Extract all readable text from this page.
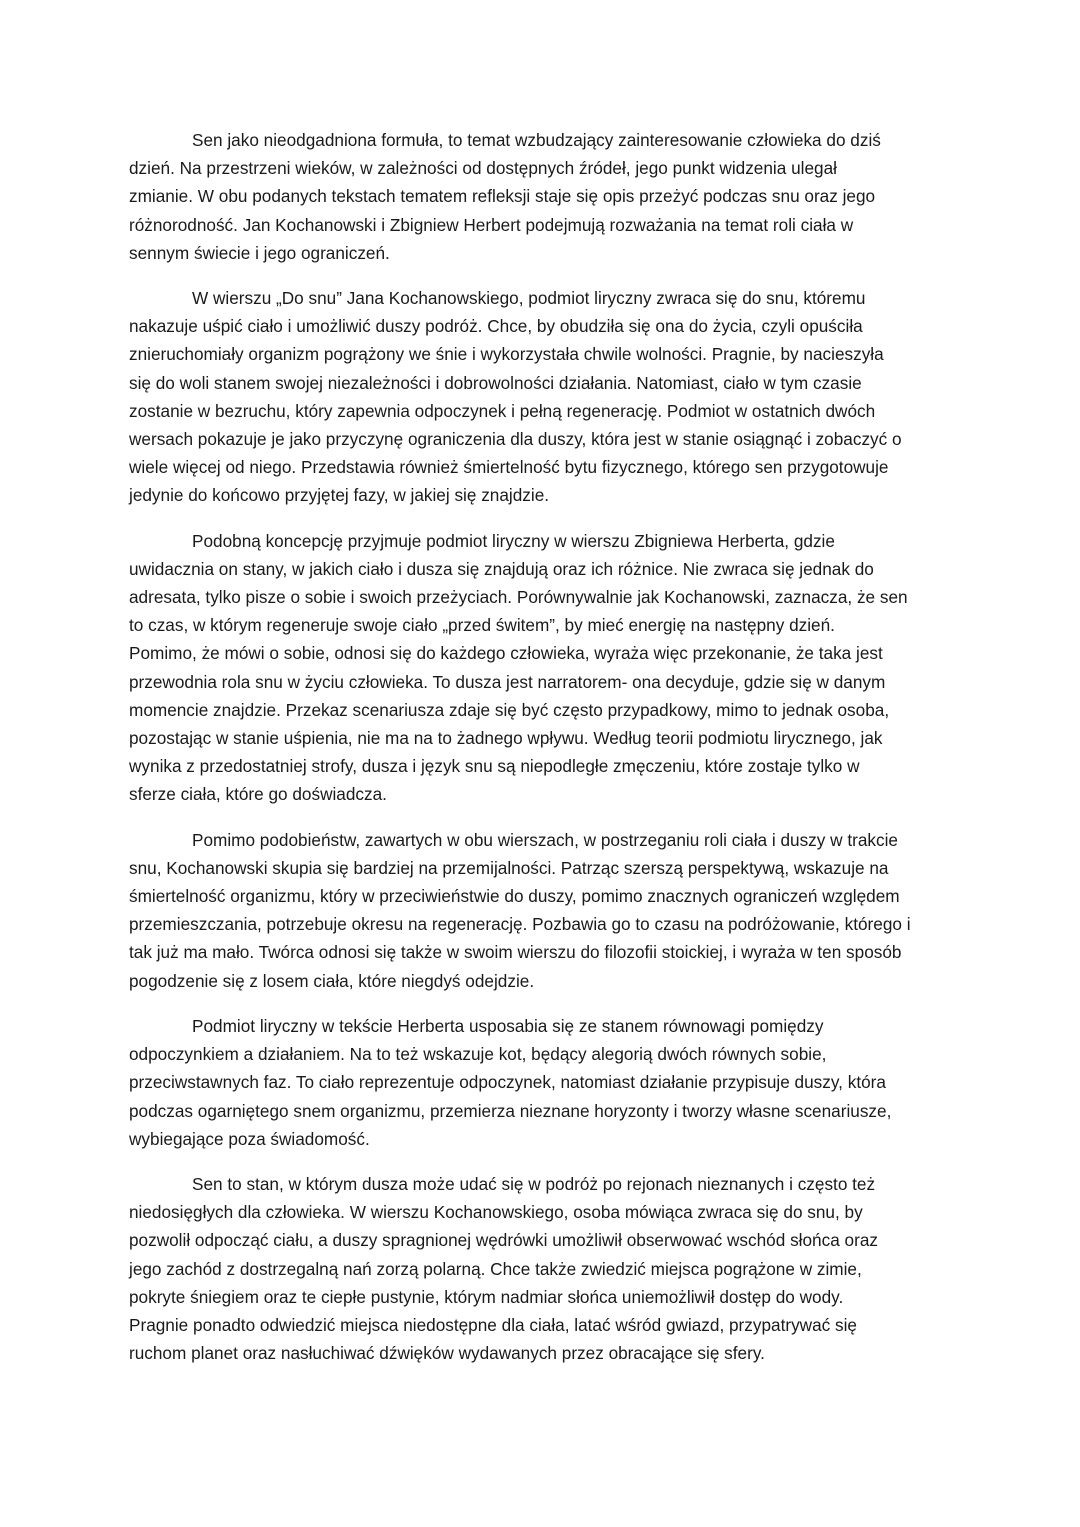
Sen jako nieodgadniona formuła, to temat wzbudzający zainteresowanie człowieka do dziś
dzień. Na przestrzeni wieków, w zależności od dostępnych źródeł, jego punkt widzenia ulegał
zmianie. W obu podanych tekstach tematem refleksji staje się opis przeżyć podczas snu oraz jego
różnorodność. Jan Kochanowski i Zbigniew Herbert podejmują rozważania na temat roli ciała w
sennym świecie i jego ograniczeń.

W wierszu „Do snu” Jana Kochanowskiego, podmiot liryczny zwraca się do snu, któremu
nakazuje uśpić ciało i umożliwić duszy podróż. Chce, by obudziła się ona do życia, czyli opuściła
znieruchomiały organizm pogrążony we śnie i wykorzystała chwile wolności. Pragnie, by nacieszyła
się do woli stanem swojej niezależności i dobrowolności działania. Natomiast, ciało w tym czasie
zostanie w bezruchu, który zapewnia odpoczynek i pełną regenerację. Podmiot w ostatnich dwóch
wersach pokazuje je jako przyczynę ograniczenia dla duszy, która jest w stanie osiągnąć i zobaczyć o
wiele więcej od niego. Przedstawia również śmiertelność bytu fizycznego, którego sen przygotowuje
jedynie do końcowo przyjętej fazy, w jakiej się znajdzie.

Podobną koncepcję przyjmuje podmiot liryczny w wierszu Zbigniewa Herberta, gdzie
uwidacznia on stany, w jakich ciało i dusza się znajdują oraz ich różnice. Nie zwraca się jednak do
adresata, tylko pisze o sobie i swoich przeżyciach. Porównywalnie jak Kochanowski, zaznacza, że sen
to czas, w którym regeneruje swoje ciało „przed świtem”, by mieć energię na następny dzień.
Pomimo, że mówi o sobie, odnosi się do każdego człowieka, wyraża więc przekonanie, że taka jest
przewodnia rola snu w życiu człowieka. To dusza jest narratorem- ona decyduje, gdzie się w danym
momencie znajdzie. Przekaz scenariusza zdaje się być często przypadkowy, mimo to jednak osoba,
pozostając w stanie uśpienia, nie ma na to żadnego wpływu. Według teorii podmiotu lirycznego, jak
wynika z przedostatniej strofy, dusza i język snu są niepodległe zmęczeniu, które zostaje tylko w
sferze ciała, które go doświadcza.

Pomimo podobieństw, zawartych w obu wierszach, w postrzeganiu roli ciała i duszy w trakcie
snu, Kochanowski skupia się bardziej na przemijalności. Patrząc szerszą perspektywą, wskazuje na
śmiertelność organizmu, który w przeciwieństwie do duszy, pomimo znacznych ograniczeń względem
przemieszczania, potrzebuje okresu na regenerację. Pozbawia go to czasu na podróżowanie, którego i
tak już ma mało. Twórca odnosi się także w swoim wierszu do filozofii stoickiej, i wyraża w ten sposób
pogodzenie się z losem ciała, które niegdyś odejdzie.

Podmiot liryczny w tekście Herberta usposabia się ze stanem równowagi pomiędzy
odpoczynkiem a działaniem. Na to też wskazuje kot, będący alegorią dwóch równych sobie,
przeciwstawnych faz. To ciało reprezentuje odpoczynek, natomiast działanie przypisuje duszy, która
podczas ogarniętego snem organizmu, przemierza nieznane horyzonty i tworzy własne scenariusze,
wybiegające poza świadomość.

Sen to stan, w którym dusza może udać się w podróż po rejonach nieznanych i często też
niedosięgłych dla człowieka. W wierszu Kochanowskiego, osoba mówiąca zwraca się do snu, by
pozwolił odpocząć ciału, a duszy spragnionej wędrówki umożliwił obserwować wschód słońca oraz
jego zachód z dostrzegalną nań zorzą polarną. Chce także zwiedzić miejsca pogrążone w zimie,
pokryte śniegiem oraz te ciepłe pustynie, którym nadmiar słońca uniemożliwił dostęp do wody.
Pragnie ponadto odwiedzić miejsca niedostępne dla ciała, latać wśród gwiazd, przypatrywać się
ruchom planet oraz nasłuchiwać dźwięków wydawanych przez obracające się sfery.
